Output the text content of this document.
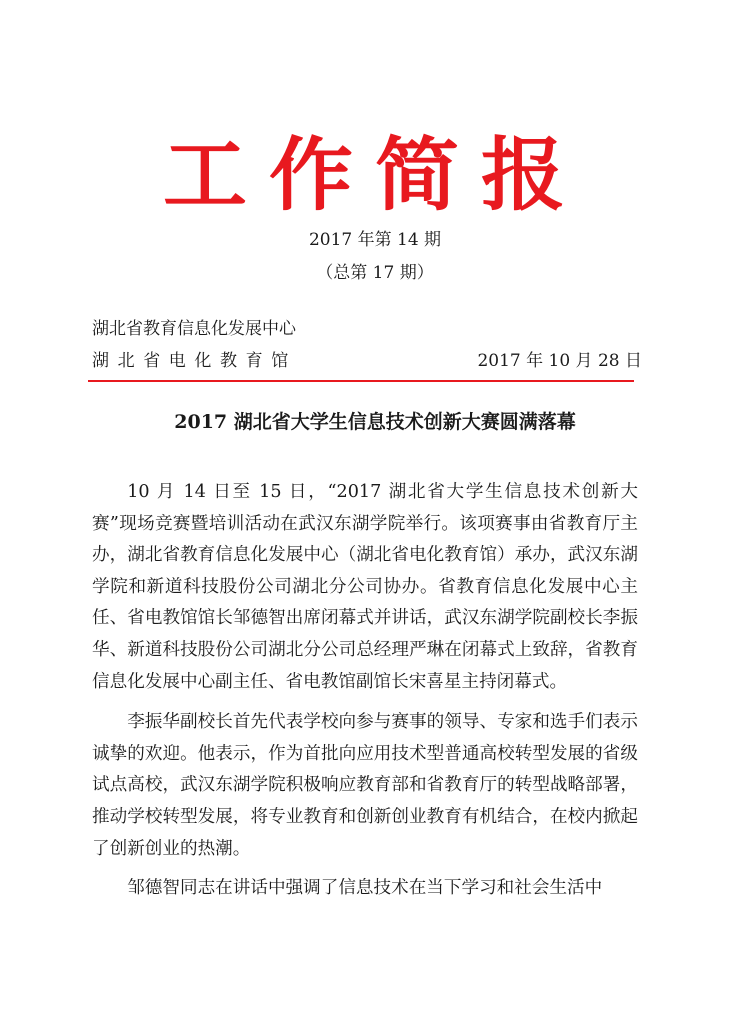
工作简报
2017 年第 14 期
（总第 17 期）
湖北省教育信息化发展中心
湖北省电化教育馆	2017 年 10 月 28 日
2017 湖北省大学生信息技术创新大赛圆满落幕

10 月 14 日至 15 日，“2017 湖北省大学生信息技术创新大赛”现场竞赛暨培训活动在武汉东湖学院举行。该项赛事由省教育厅主办，湖北省教育信息化发展中心（湖北省电化教育馆）承办，武汉东湖学院和新道科技股份公司湖北分公司协办。省教育信息化发展中心主任、省电教馆馆长邹德智出席闭幕式并讲话，武汉东湖学院副校长李振华、新道科技股份公司湖北分公司总经理严琳在闭幕式上致辞，省教育信息化发展中心副主任、省电教馆副馆长宋喜星主持闭幕式。

李振华副校长首先代表学校向参与赛事的领导、专家和选手们表示诚挚的欢迎。他表示，作为首批向应用技术型普通高校转型发展的省级试点高校，武汉东湖学院积极响应教育部和省教育厅的转型战略部署，推动学校转型发展，将专业教育和创新创业教育有机结合，在校内掀起了创新创业的热潮。

邹德智同志在讲话中强调了信息技术在当下学习和社会生活中
